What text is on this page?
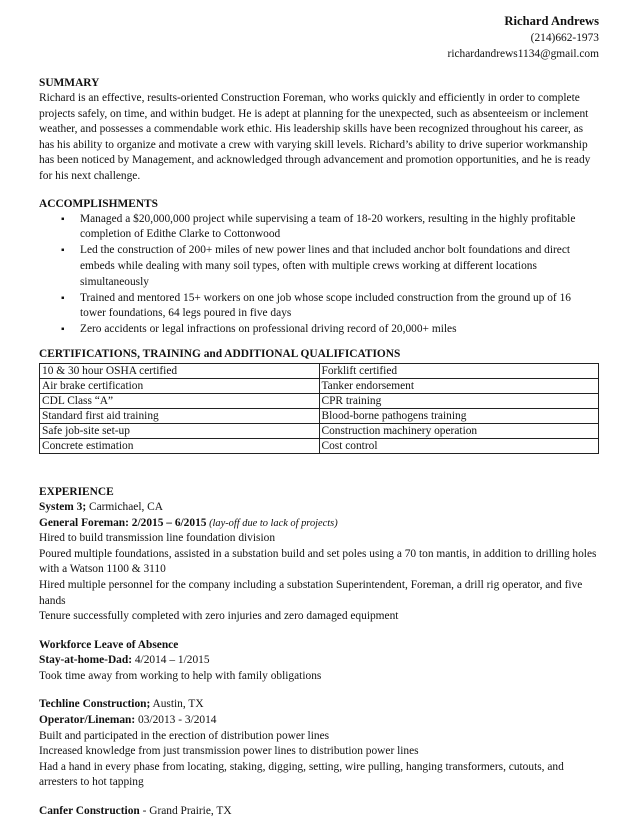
Richard Andrews
(214)662-1973
richardandrews1134@gmail.com
SUMMARY

Richard is an effective, results-oriented Construction Foreman, who works quickly and efficiently in order to complete projects safely, on time, and within budget. He is adept at planning for the unexpected, such as absenteeism or inclement weather, and possesses a commendable work ethic. His leadership skills have been recognized throughout his career, as has his ability to organize and motivate a crew with varying skill levels. Richard’s ability to drive superior workmanship has been noticed by Management, and acknowledged through advancement and promotion opportunities, and he is ready for his next challenge.

ACCOMPLISHMENTS
▪ Managed a $20,000,000 project while supervising a team of 18-20 workers, resulting in the highly profitable completion of Edithe Clarke to Cottonwood
▪ Led the construction of 200+ miles of new power lines and that included anchor bolt foundations and direct embeds while dealing with many soil types, often with multiple crews working at different locations simultaneously
▪ Trained and mentored 15+ workers on one job whose scope included construction from the ground up of 16 tower foundations, 64 legs poured in five days
▪ Zero accidents or legal infractions on professional driving record of 20,000+ miles
CERTIFICATIONS, TRAINING and ADDITIONAL QUALIFICATIONS
10 & 30 hour OSHA certified	Forklift certified
Air brake certification	Tanker endorsement
CDL Class “A”	CPR training
Standard first aid training	Blood-borne pathogens training
Safe job-site set-up	Construction machinery operation
Concrete estimation	Cost control
EXPERIENCE
System 3; Carmichael, CA
General Foreman: 2/2015 – 6/2015 (lay-off due to lack of projects)
Hired to build transmission line foundation division
Poured multiple foundations, assisted in a substation build and set poles using a 70 ton mantis, in addition to drilling holes with a Watson 1100 & 3110
Hired multiple personnel for the company including a substation Superintendent, Foreman, a drill rig operator, and five hands
Tenure successfully completed with zero injuries and zero damaged equipment
Workforce Leave of Absence
Stay-at-home-Dad: 4/2014 – 1/2015
Took time away from working to help with family obligations
Techline Construction; Austin, TX
Operator/Lineman: 03/2013 - 3/2014
Built and participated in the erection of distribution power lines
Increased knowledge from just transmission power lines to distribution power lines
Had a hand in every phase from locating, staking, digging, setting, wire pulling, hanging transformers, cutouts, and arresters to hot tapping
Canfer Construction - Grand Prairie, TX
